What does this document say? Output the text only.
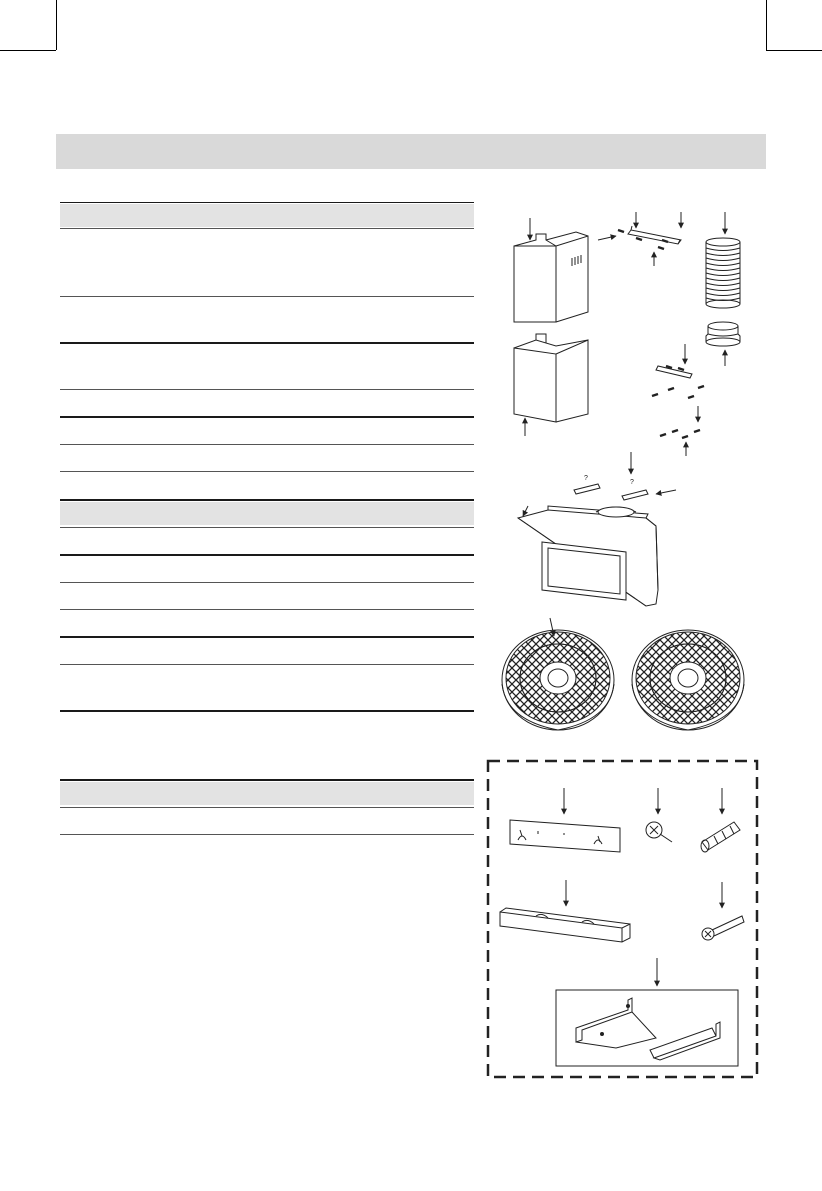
?
?
